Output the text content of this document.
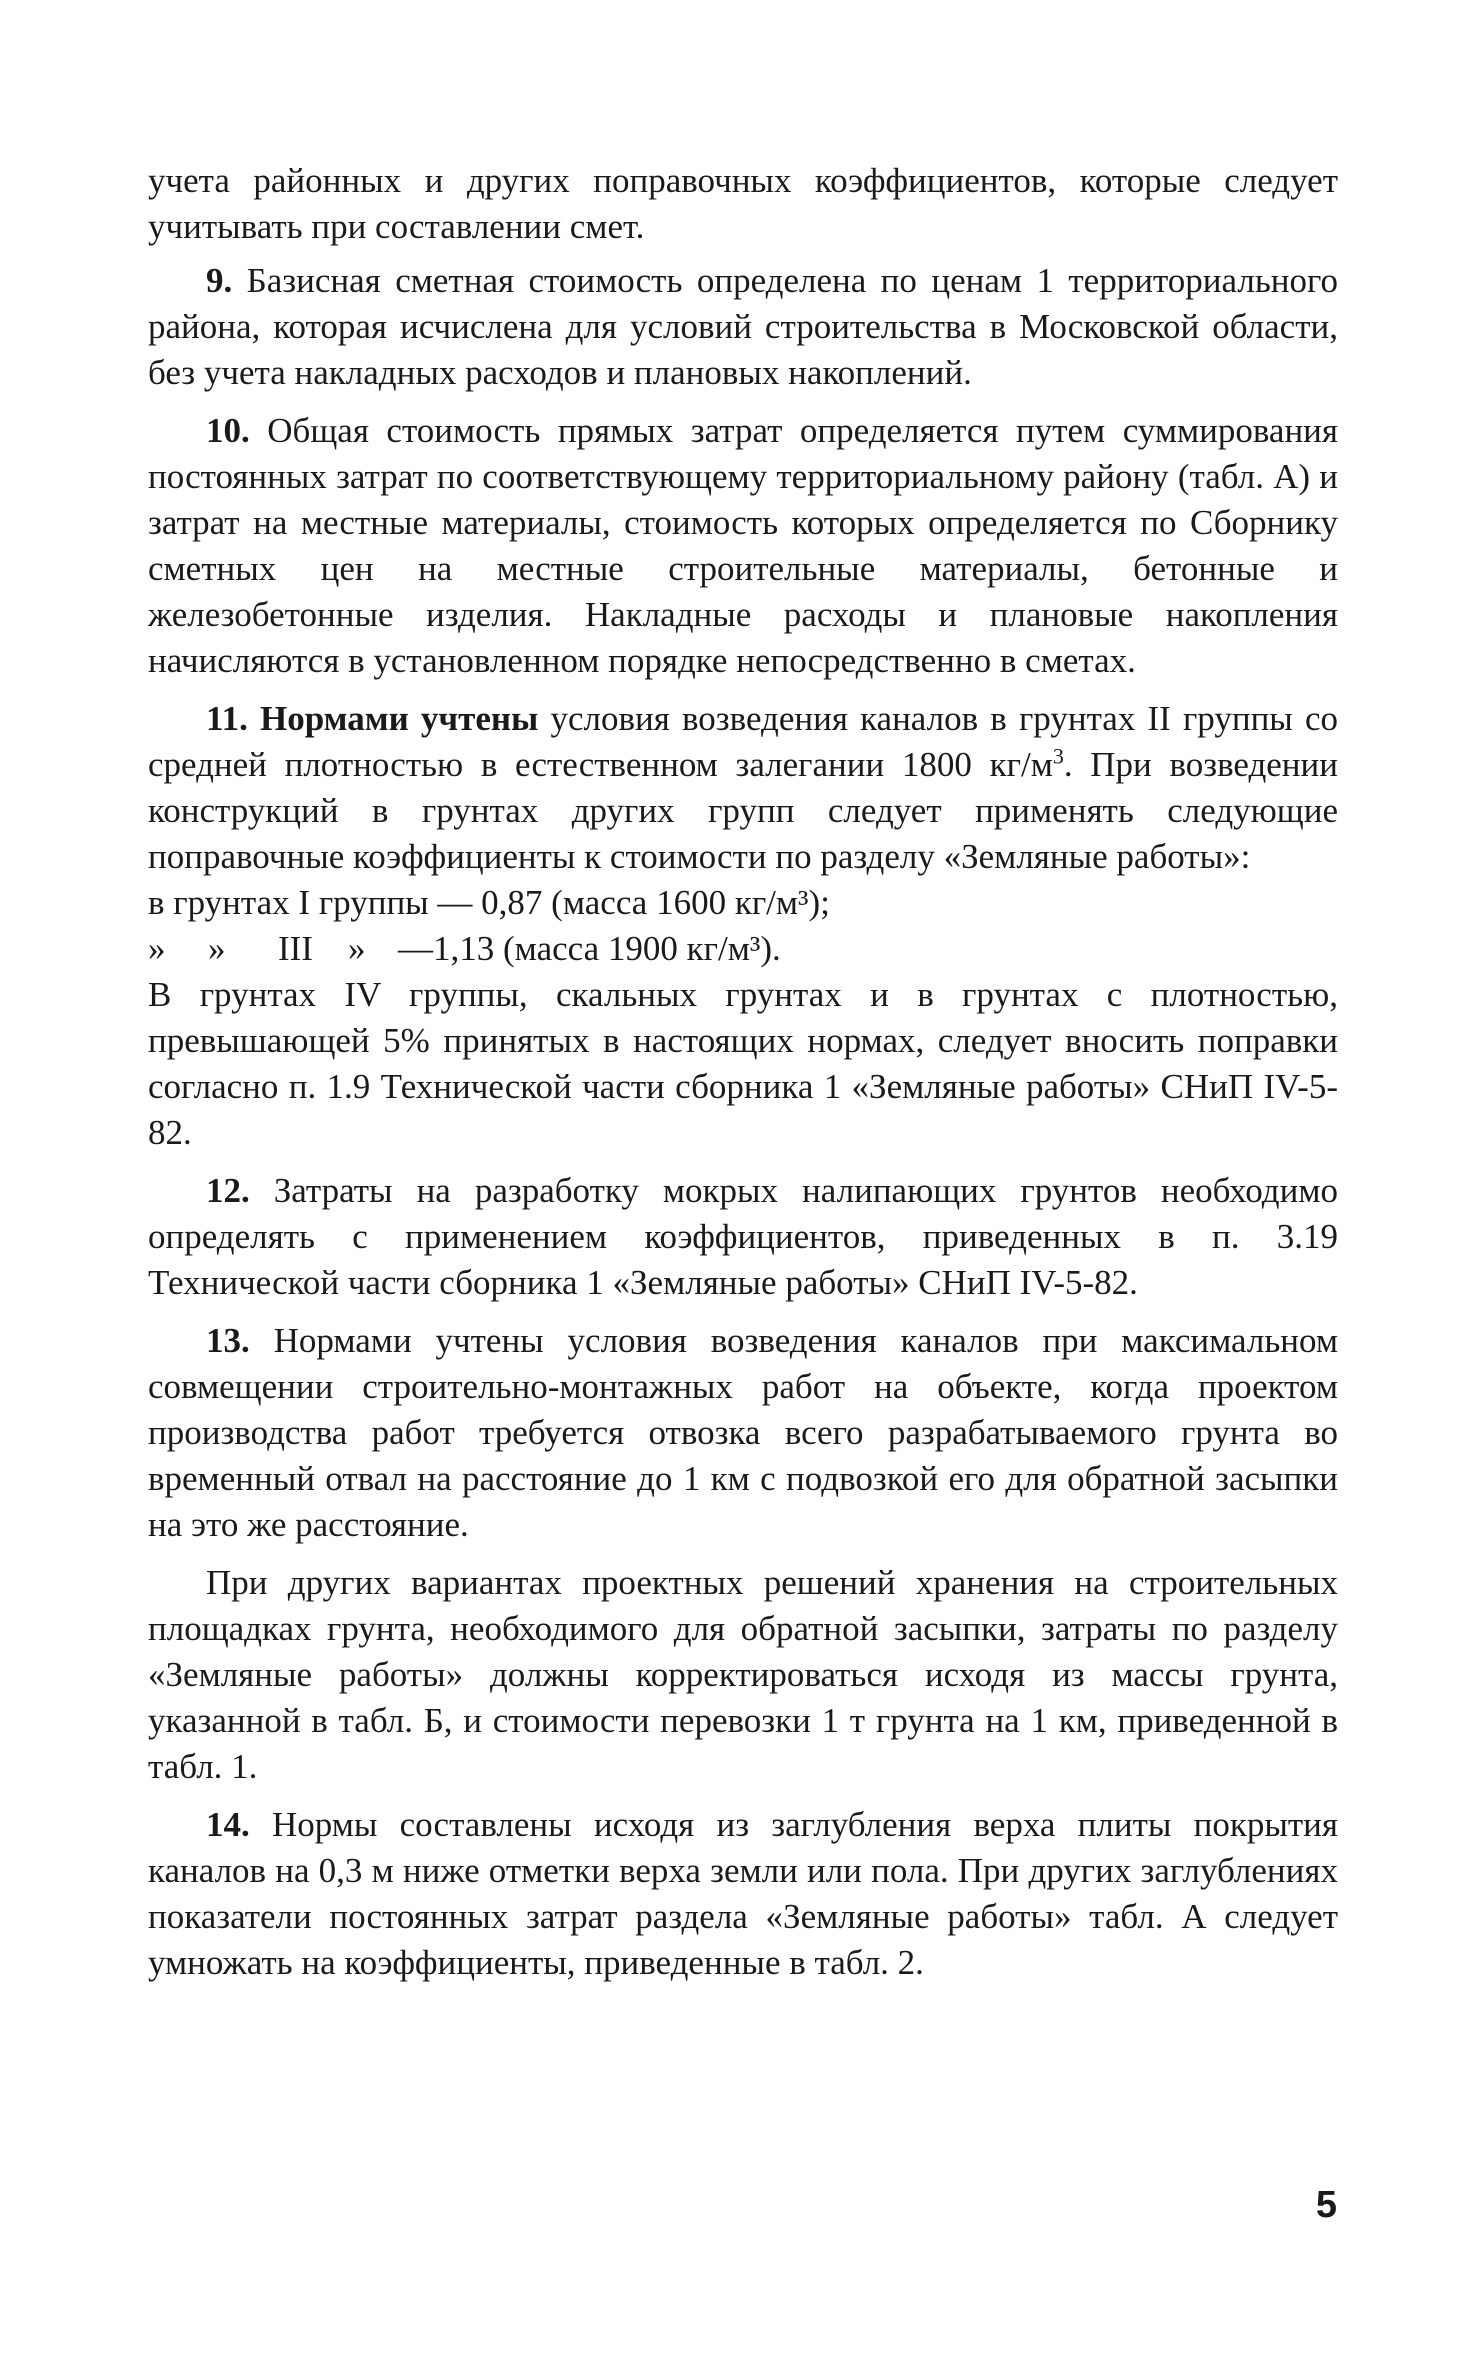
учета районных и других поправочных коэффициентов, которые следует учитывать при составлении смет.

9. Базисная сметная стоимость определена по ценам 1 территориального района, которая исчислена для условий строительства в Московской области, без учета накладных расходов и плановых накоплений.

10. Общая стоимость прямых затрат определяется путем суммирования постоянных затрат по соответствующему территориальному району (табл. А) и затрат на местные материалы, стоимость которых определяется по Сборнику сметных цен на местные строительные материалы, бетонные и железобетонные изделия. Накладные расходы и плановые накопления начисляются в установленном порядке непосредственно в сметах.

11. Нормами учтены условия возведения каналов в грунтах II группы со средней плотностью в естественном залегании 1800 $кг/м^3$. При возведении конструкций в грунтах других групп следует применять следующие поправочные коэффициенты к стоимости по разделу «Земляные работы»:

в грунтах I группы — 0,87 (масса 1600 кг/м³);

» » III » —1,13 (масса 1900 кг/м³).

В грунтах IV группы, скальных грунтах и в грунтах с плотностью, превышающей 5% принятых в настоящих нормах, следует вносить поправки согласно п. 1.9 Технической части сборника 1 «Земляные работы» СНиП IV-5-82.

12. Затраты на разработку мокрых налипающих грунтов необходимо определять с применением коэффициентов, приведенных в п. 3.19 Технической части сборника 1 «Земляные работы» СНиП IV-5-82.

13. Нормами учтены условия возведения каналов при максимальном совмещении строительно-монтажных работ на объекте, когда проектом производства работ требуется отвозка всего разрабатываемого грунта во временный отвал на расстояние до 1 км с подвозкой его для обратной засыпки на это же расстояние.

При других вариантах проектных решений хранения на строительных площадках грунта, необходимого для обратной засыпки, затраты по разделу «Земляные работы» должны корректироваться исходя из массы грунта, указанной в табл. Б, и стоимости перевозки 1 т грунта на 1 км, приведенной в табл. 1.

14. Нормы составлены исходя из заглубления верха плиты покрытия каналов на 0,3 м ниже отметки верха земли или пола. При других заглублениях показатели постоянных затрат раздела «Земляные работы» табл. А следует умножать на коэффициенты, приведенные в табл. 2.

5
